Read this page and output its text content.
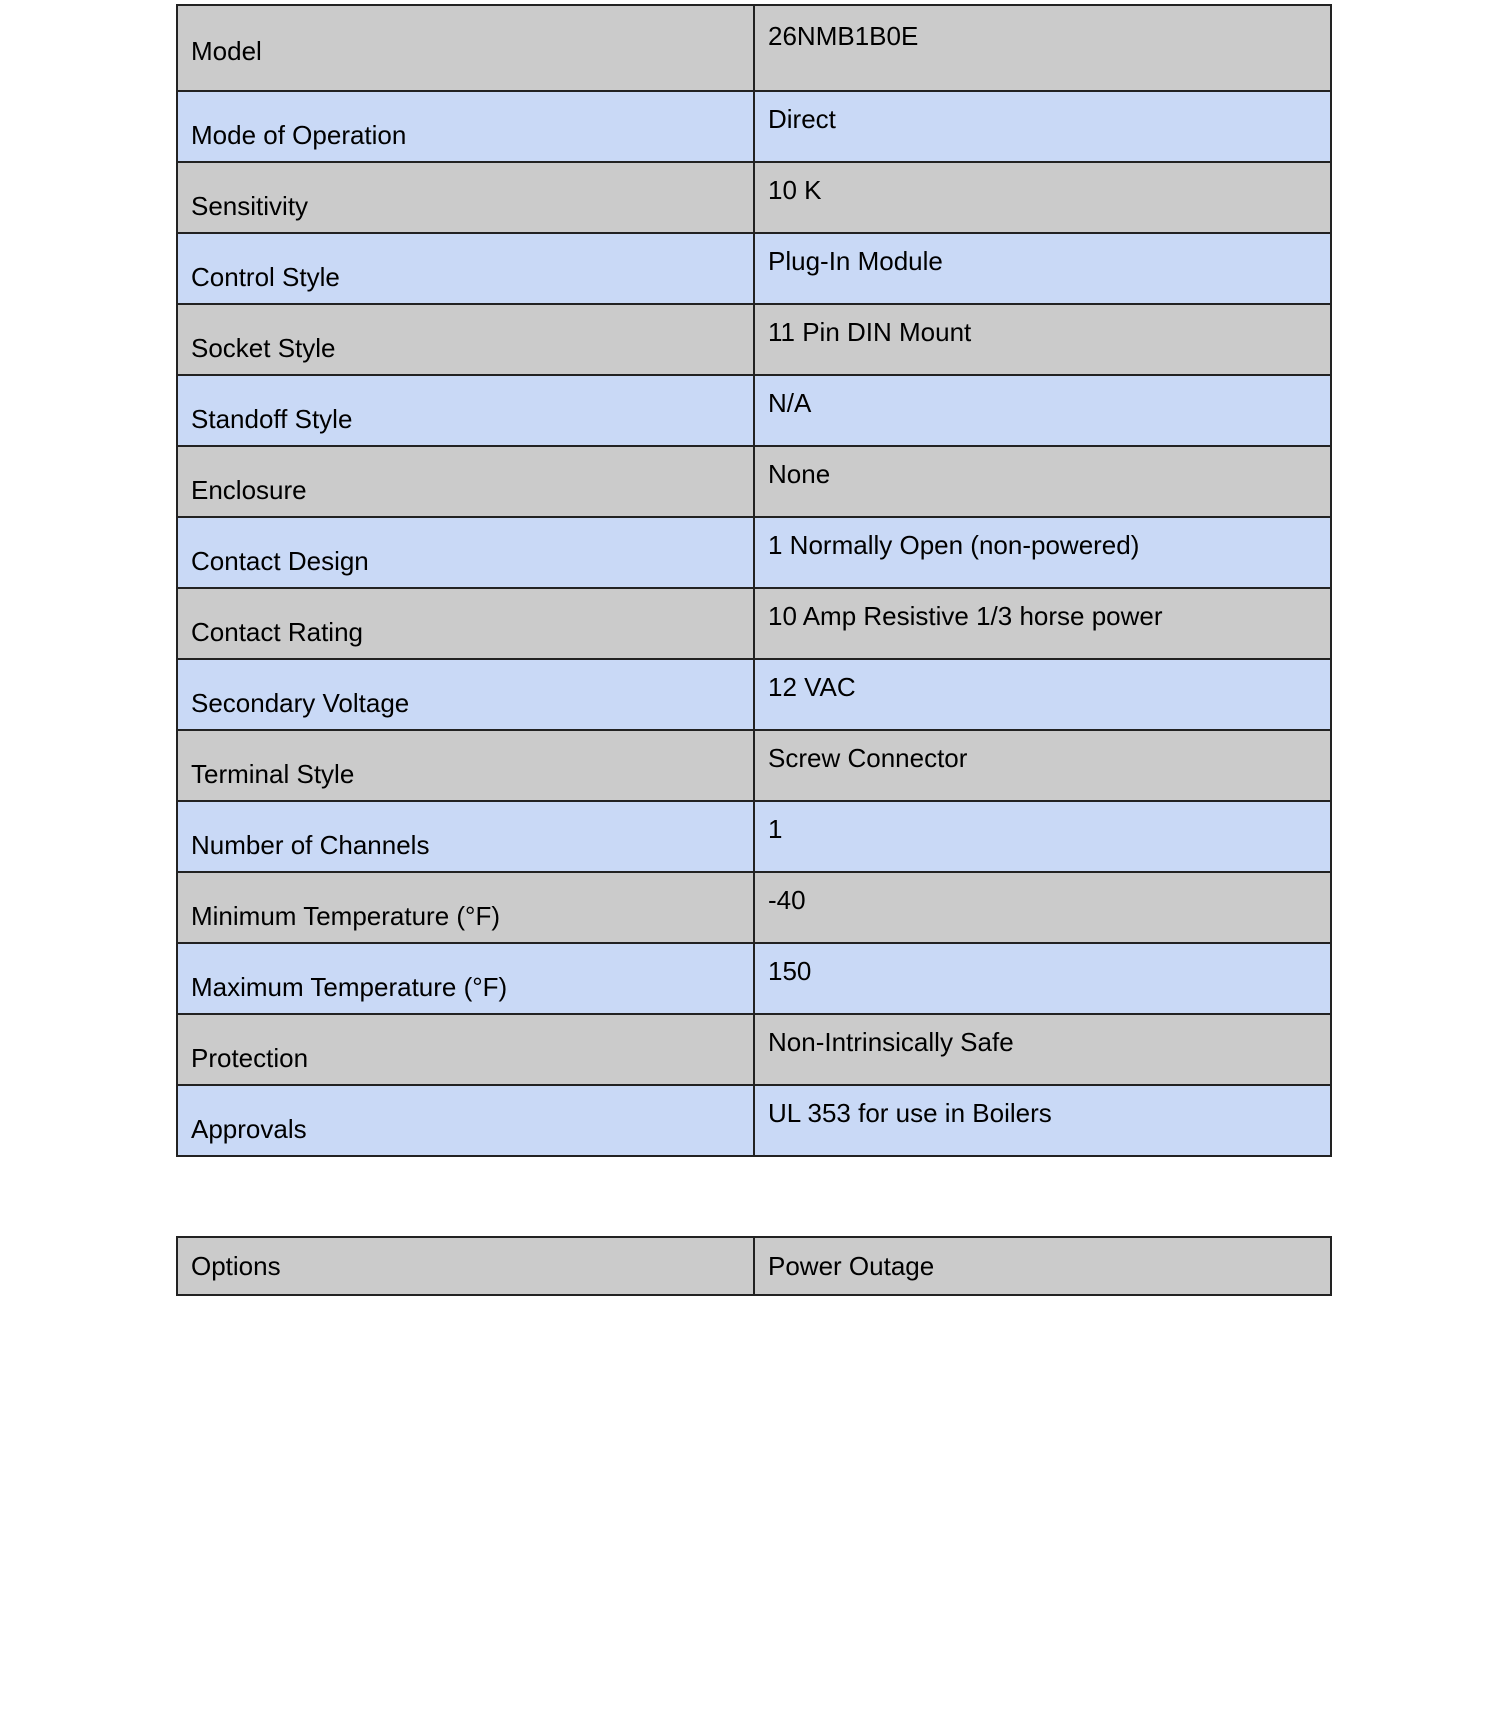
Model	26NMB1B0E
Mode of Operation	Direct
Sensitivity	10 K
Control Style	Plug-In Module
Socket Style	11 Pin DIN Mount
Standoff Style	N/A
Enclosure	None
Contact Design	1 Normally Open (non-powered)
Contact Rating	10 Amp Resistive 1/3 horse power
Secondary Voltage	12 VAC
Terminal Style	Screw Connector
Number of Channels	1
Minimum Temperature (°F)	-40
Maximum Temperature (°F)	150
Protection	Non-Intrinsically Safe
Approvals	UL 353 for use in Boilers
Options	Power Outage
